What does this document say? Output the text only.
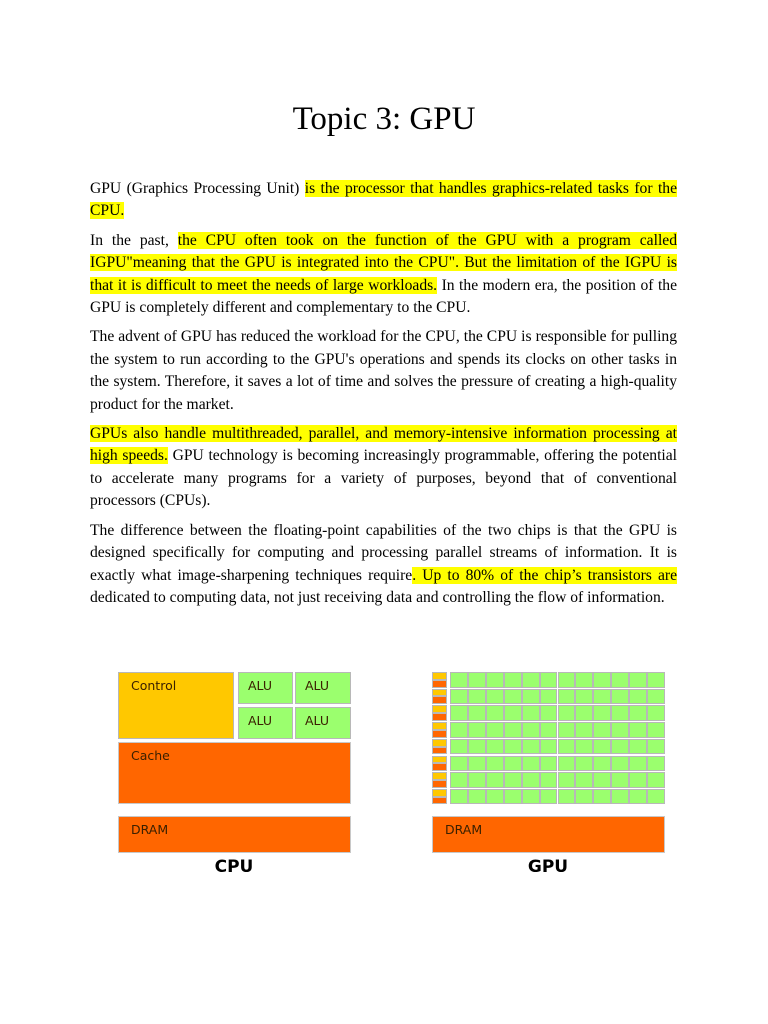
Topic 3: GPU

GPU (Graphics Processing Unit) is the processor that handles graphics-related tasks for the CPU.

In the past, the CPU often took on the function of the GPU with a program called IGPU"meaning that the GPU is integrated into the CPU". But the limitation of the IGPU is that it is difficult to meet the needs of large workloads. In the modern era, the position of the GPU is completely different and complementary to the CPU.

The advent of GPU has reduced the workload for the CPU, the CPU is responsible for pulling the system to run according to the GPU's operations and spends its clocks on other tasks in the system. Therefore, it saves a lot of time and solves the pressure of creating a high-quality product for the market.

GPUs also handle multithreaded, parallel, and memory-intensive information processing at high speeds. GPU technology is becoming increasingly programmable, offering the potential to accelerate many programs for a variety of purposes, beyond that of conventional processors (CPUs).

The difference between the floating-point capabilities of the two chips is that the GPU is designed specifically for computing and processing parallel streams of information. It is exactly what image-sharpening techniques require. Up to 80% of the chip’s transistors are dedicated to computing data, not just receiving data and controlling the flow of information.

Control	ALU	ALU
ALU	ALU
Cache
DRAM
CPU
DRAM
GPU
